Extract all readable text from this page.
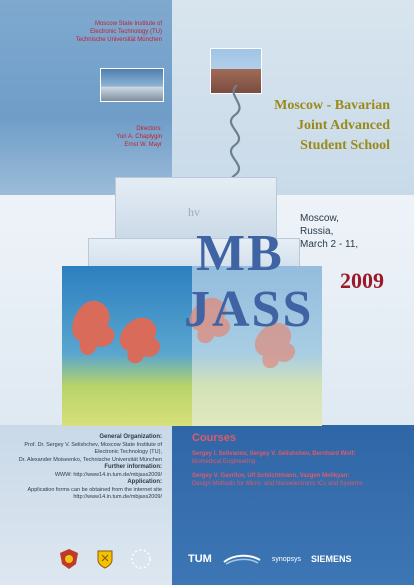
Moscow State Institute of
Electronic Technology (TU)
Technische Universität München
Directors:
Yuri A. Chaplygin
Ernst W. Mayr
Moscow - Bavarian
Joint Advanced
Student School
hv	Moscow,
Russia,
March 2 - 11,
MB
JASS
2009
General Organization:
Prof. Dr. Sergey V. Selishchev, Moscow State Institute of
Electronic Technology (TU),
Dr. Alexander Moiseenko, Technische Universität München
Further information:
WWW: http://www14.in.tum.de/mbjass2009/
Application:
Application forms can be obtained from the internet site
http://www14.in.tum.de/mbjass2009/
Courses
Sergey I. Selivanov, Sergey V. Selishchev, Bernhard Wolf:
Biomedical Engineering
Sergey V. Gavrilov, Ulf Schlichtmann, Vazgen Melikyan:
Design Methods for Micro- and Nanoelectronic ICs and Systems
TUM	synopsys SIEMENS
